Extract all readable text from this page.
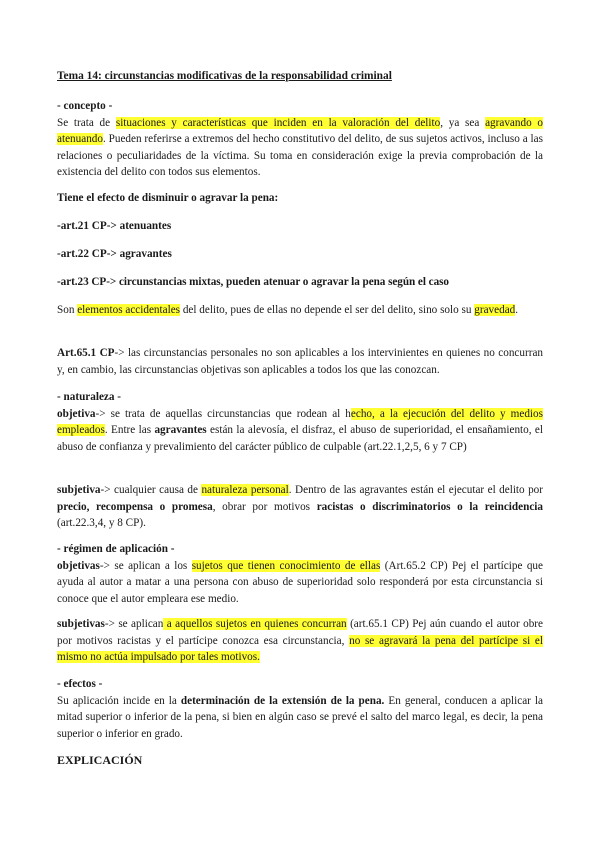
Tema 14: circunstancias modificativas de la responsabilidad criminal

- concepto -
Se trata de situaciones y características que inciden en la valoración del delito, ya sea agravando o atenuando. Pueden referirse a extremos del hecho constitutivo del delito, de sus sujetos activos, incluso a las relaciones o peculiaridades de la víctima. Su toma en consideración exige la previa comprobación de la existencia del delito con todos sus elementos.

Tiene el efecto de disminuir o agravar la pena:

-art.21 CP-> atenuantes

-art.22 CP-> agravantes

-art.23 CP-> circunstancias mixtas, pueden atenuar o agravar la pena según el caso

Son elementos accidentales del delito, pues de ellas no depende el ser del delito, sino solo su gravedad.

Art.65.1 CP-> las circunstancias personales no son aplicables a los intervinientes en quienes no concurran y, en cambio, las circunstancias objetivas son aplicables a todos los que las conozcan.

- naturaleza -
objetiva-> se trata de aquellas circunstancias que rodean al hecho, a la ejecución del delito y medios empleados. Entre las agravantes están la alevosía, el disfraz, el abuso de superioridad, el ensañamiento, el abuso de confianza y prevalimiento del carácter público de culpable (art.22.1,2,5, 6 y 7 CP)

subjetiva-> cualquier causa de naturaleza personal. Dentro de las agravantes están el ejecutar el delito por precio, recompensa o promesa, obrar por motivos racistas o discriminatorios o la reincidencia (art.22.3,4, y 8 CP).

- régimen de aplicación -
objetivas-> se aplican a los sujetos que tienen conocimiento de ellas (Art.65.2 CP) Pej el partícipe que ayuda al autor a matar a una persona con abuso de superioridad solo responderá por esta circunstancia si conoce que el autor empleara ese medio.

subjetivas-> se aplican a aquellos sujetos en quienes concurran (art.65.1 CP) Pej aún cuando el autor obre por motivos racistas y el partícipe conozca esa circunstancia, no se agravará la pena del partícipe si el mismo no actúa impulsado por tales motivos.

- efectos -
Su aplicación incide en la determinación de la extensión de la pena. En general, conducen a aplicar la mitad superior o inferior de la pena, si bien en algún caso se prevé el salto del marco legal, es decir, la pena superior o inferior en grado.

EXPLICACIÓN
